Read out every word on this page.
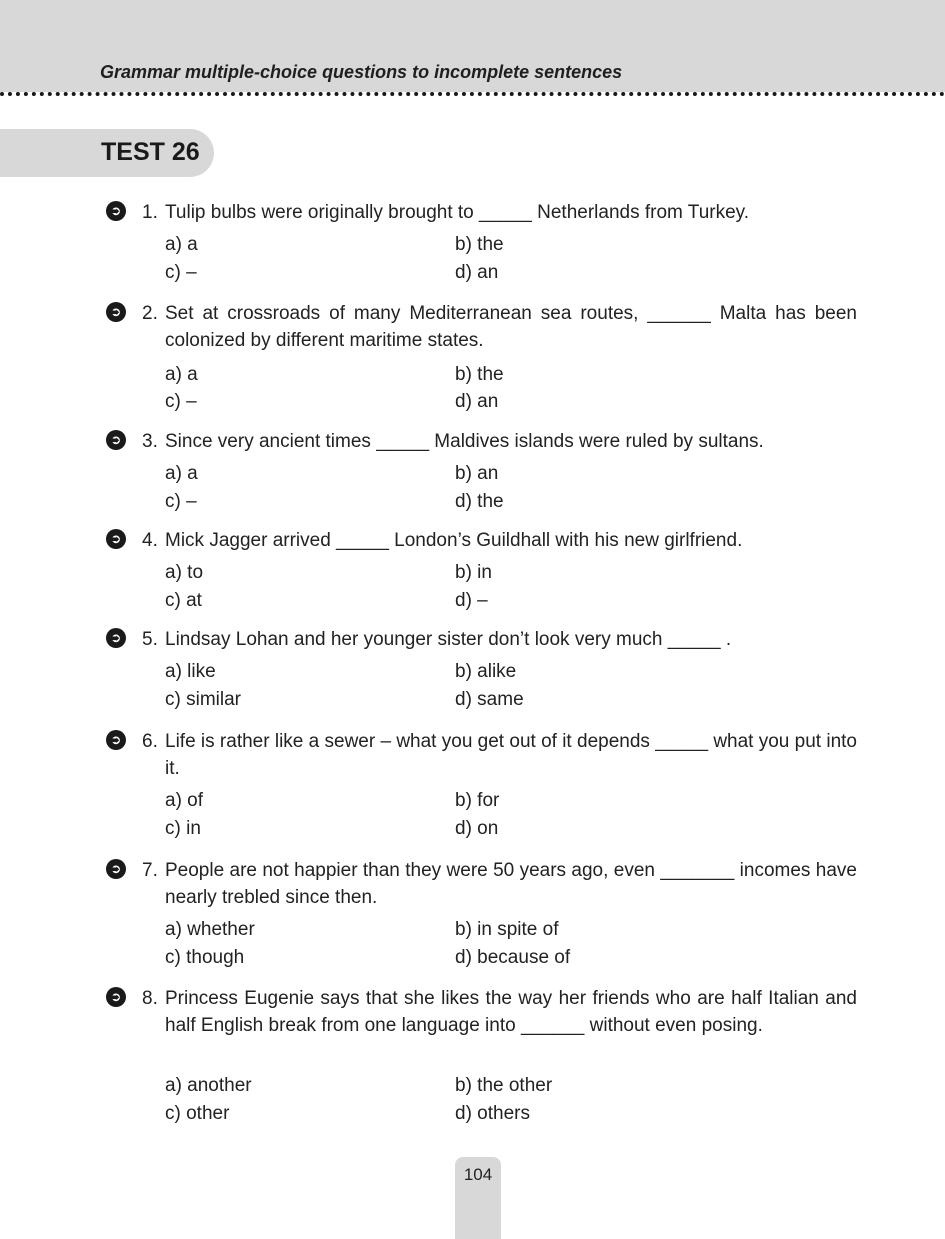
Grammar multiple-choice questions to incomplete sentences
TEST 26
➲ 1. Tulip bulbs were originally brought to _____ Netherlands from Turkey.
a) a	b) the
c) –	d) an
➲ 2. Set at crossroads of many Mediterranean sea routes, ______ Malta has been colonized by different maritime states.
a) a	b) the
c) –	d) an
➲ 3. Since very ancient times _____ Maldives islands were ruled by sultans.
a) a	b) an
c) –	d) the
➲ 4. Mick Jagger arrived _____ London’s Guildhall with his new girlfriend.
a) to	b) in
c) at	d) –
➲ 5. Lindsay Lohan and her younger sister don’t look very much _____ .
a) like	b) alike
c) similar	d) same
➲ 6. Life is rather like a sewer – what you get out of it depends _____ what you put into it.
a) of	b) for
c) in	d) on
➲ 7. People are not happier than they were 50 years ago, even _______ incomes have nearly trebled since then.
a) whether	b) in spite of
c) though	d) because of
➲ 8. Princess Eugenie says that she likes the way her friends who are half Italian and half English break from one language into ______ without even posing.
a) another	b) the other
c) other	d) others
104
